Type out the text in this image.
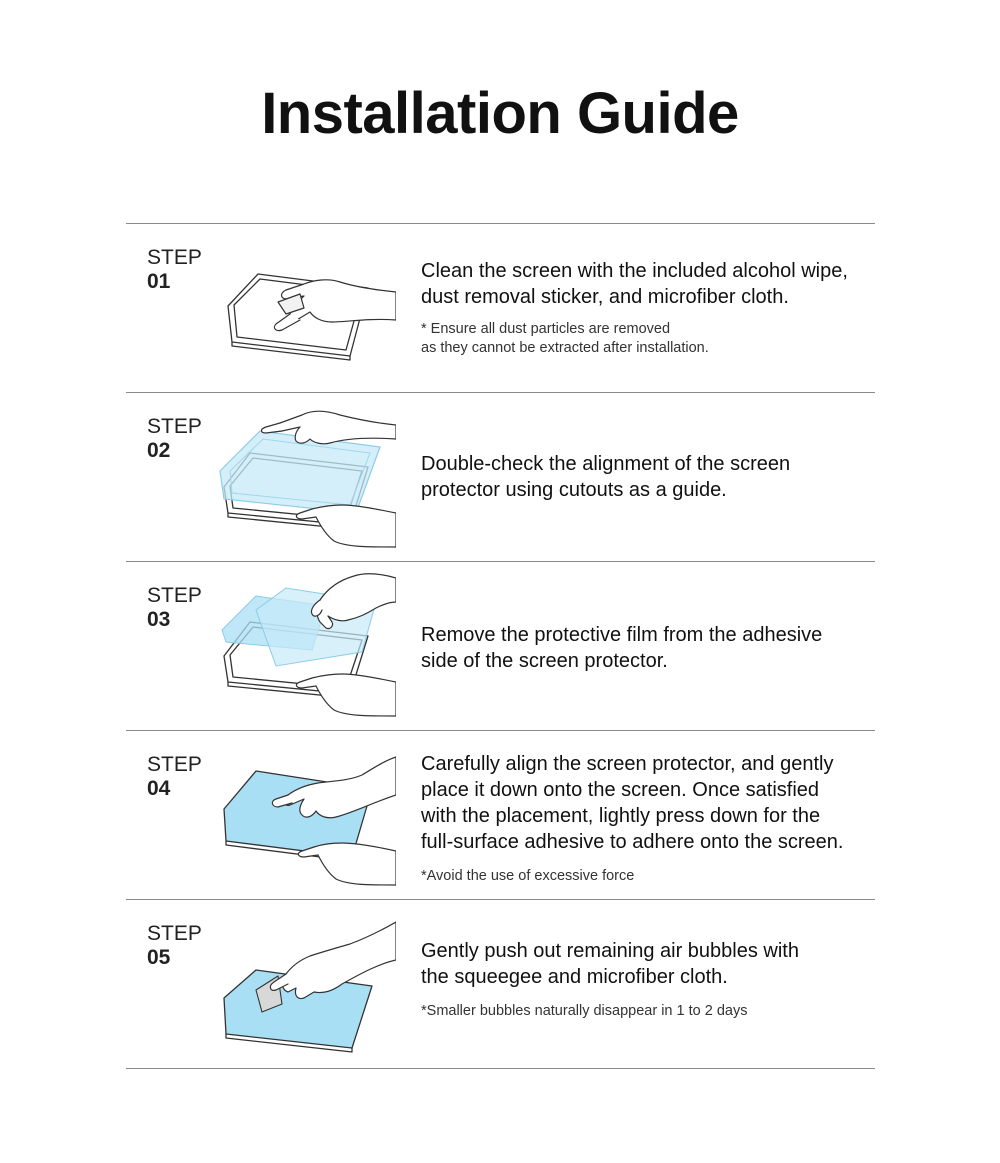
Installation Guide
STEP
01	Clean the screen with the included alcohol wipe,
dust removal sticker, and microfiber cloth.
* Ensure all dust particles are removed
as they cannot be extracted after installation.
STEP
02
Double-check the alignment of the screen
protector using cutouts as a guide.
STEP
03
Remove the protective film from the adhesive
side of the screen protector.
STEP
04
Carefully align the screen protector, and gently
place it down onto the screen. Once satisfied
with the placement, lightly press down for the
full-surface adhesive to adhere onto the screen.
*Avoid the use of excessive force
STEP
05	Gently push out remaining air bubbles with
the squeegee and microfiber cloth.
*Smaller bubbles naturally disappear in 1 to 2 days
